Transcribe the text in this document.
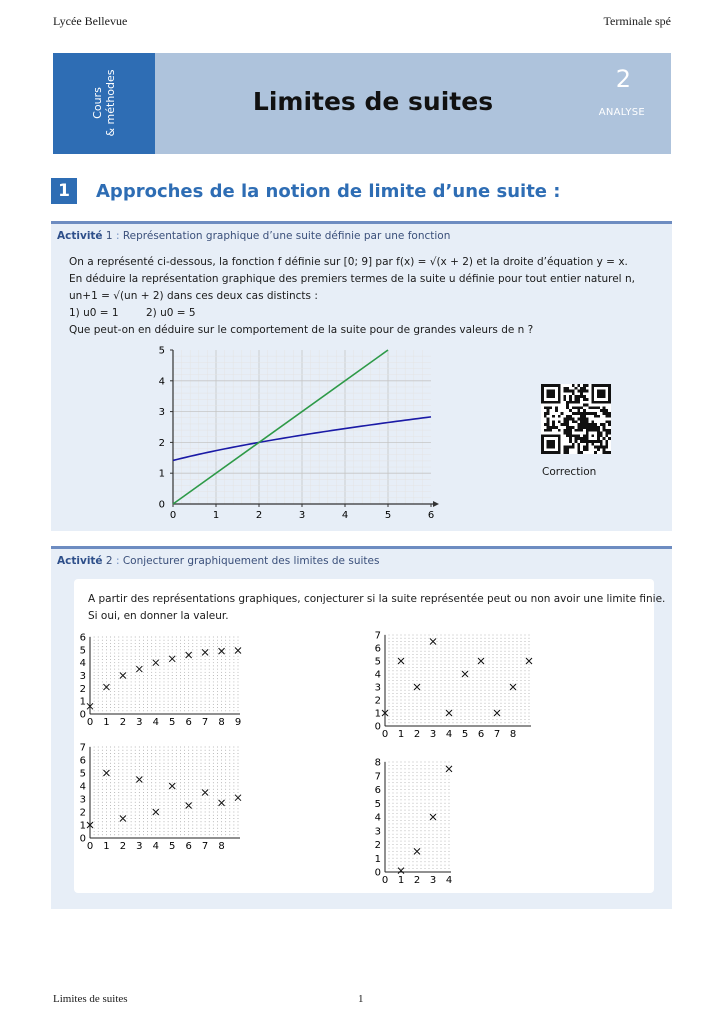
Lycée Bellevue	Terminale spé
Cours & méthodes	Limites de suites
2
ANALYSE
1	Approches de la notion de limite d’une suite :
Activité 1 : Représentation graphique d’une suite définie par une fonction
On a représenté ci-dessous, la fonction f définie sur [0; 9] par f(x) = √(x + 2) et la droite d’équation y = x.
En déduire la représentation graphique des premiers termes de la suite u définie pour tout entier naturel n,
un+1 = √(un + 2) dans ces deux cas distincts :
1) u0 = 1	2) u0 = 5
Que peut-on en déduire sur le comportement de la suite pour de grandes valeurs de n ?
0	1	2	3	4	5	6
1
2
3
4
5
0
Correction
Activité 2 : Conjecturer graphiquement des limites de suites
A partir des représentations graphiques, conjecturer si la suite représentée peut ou non avoir une limite finie.
Si oui, en donner la valeur.
0 1 2 3 4 5 6 7 8 9
0
1
2
3
4
5
6
0 1 2 3 4 5 6 7 8
0
1
2
3
4
5
6
7
0 1 2 3 4 5 6 7 8
0
1
2
3
4
5
6
7
0 1 2 3 4
0
1
2
3
4
5
6
7
8
Limites de suites	1
